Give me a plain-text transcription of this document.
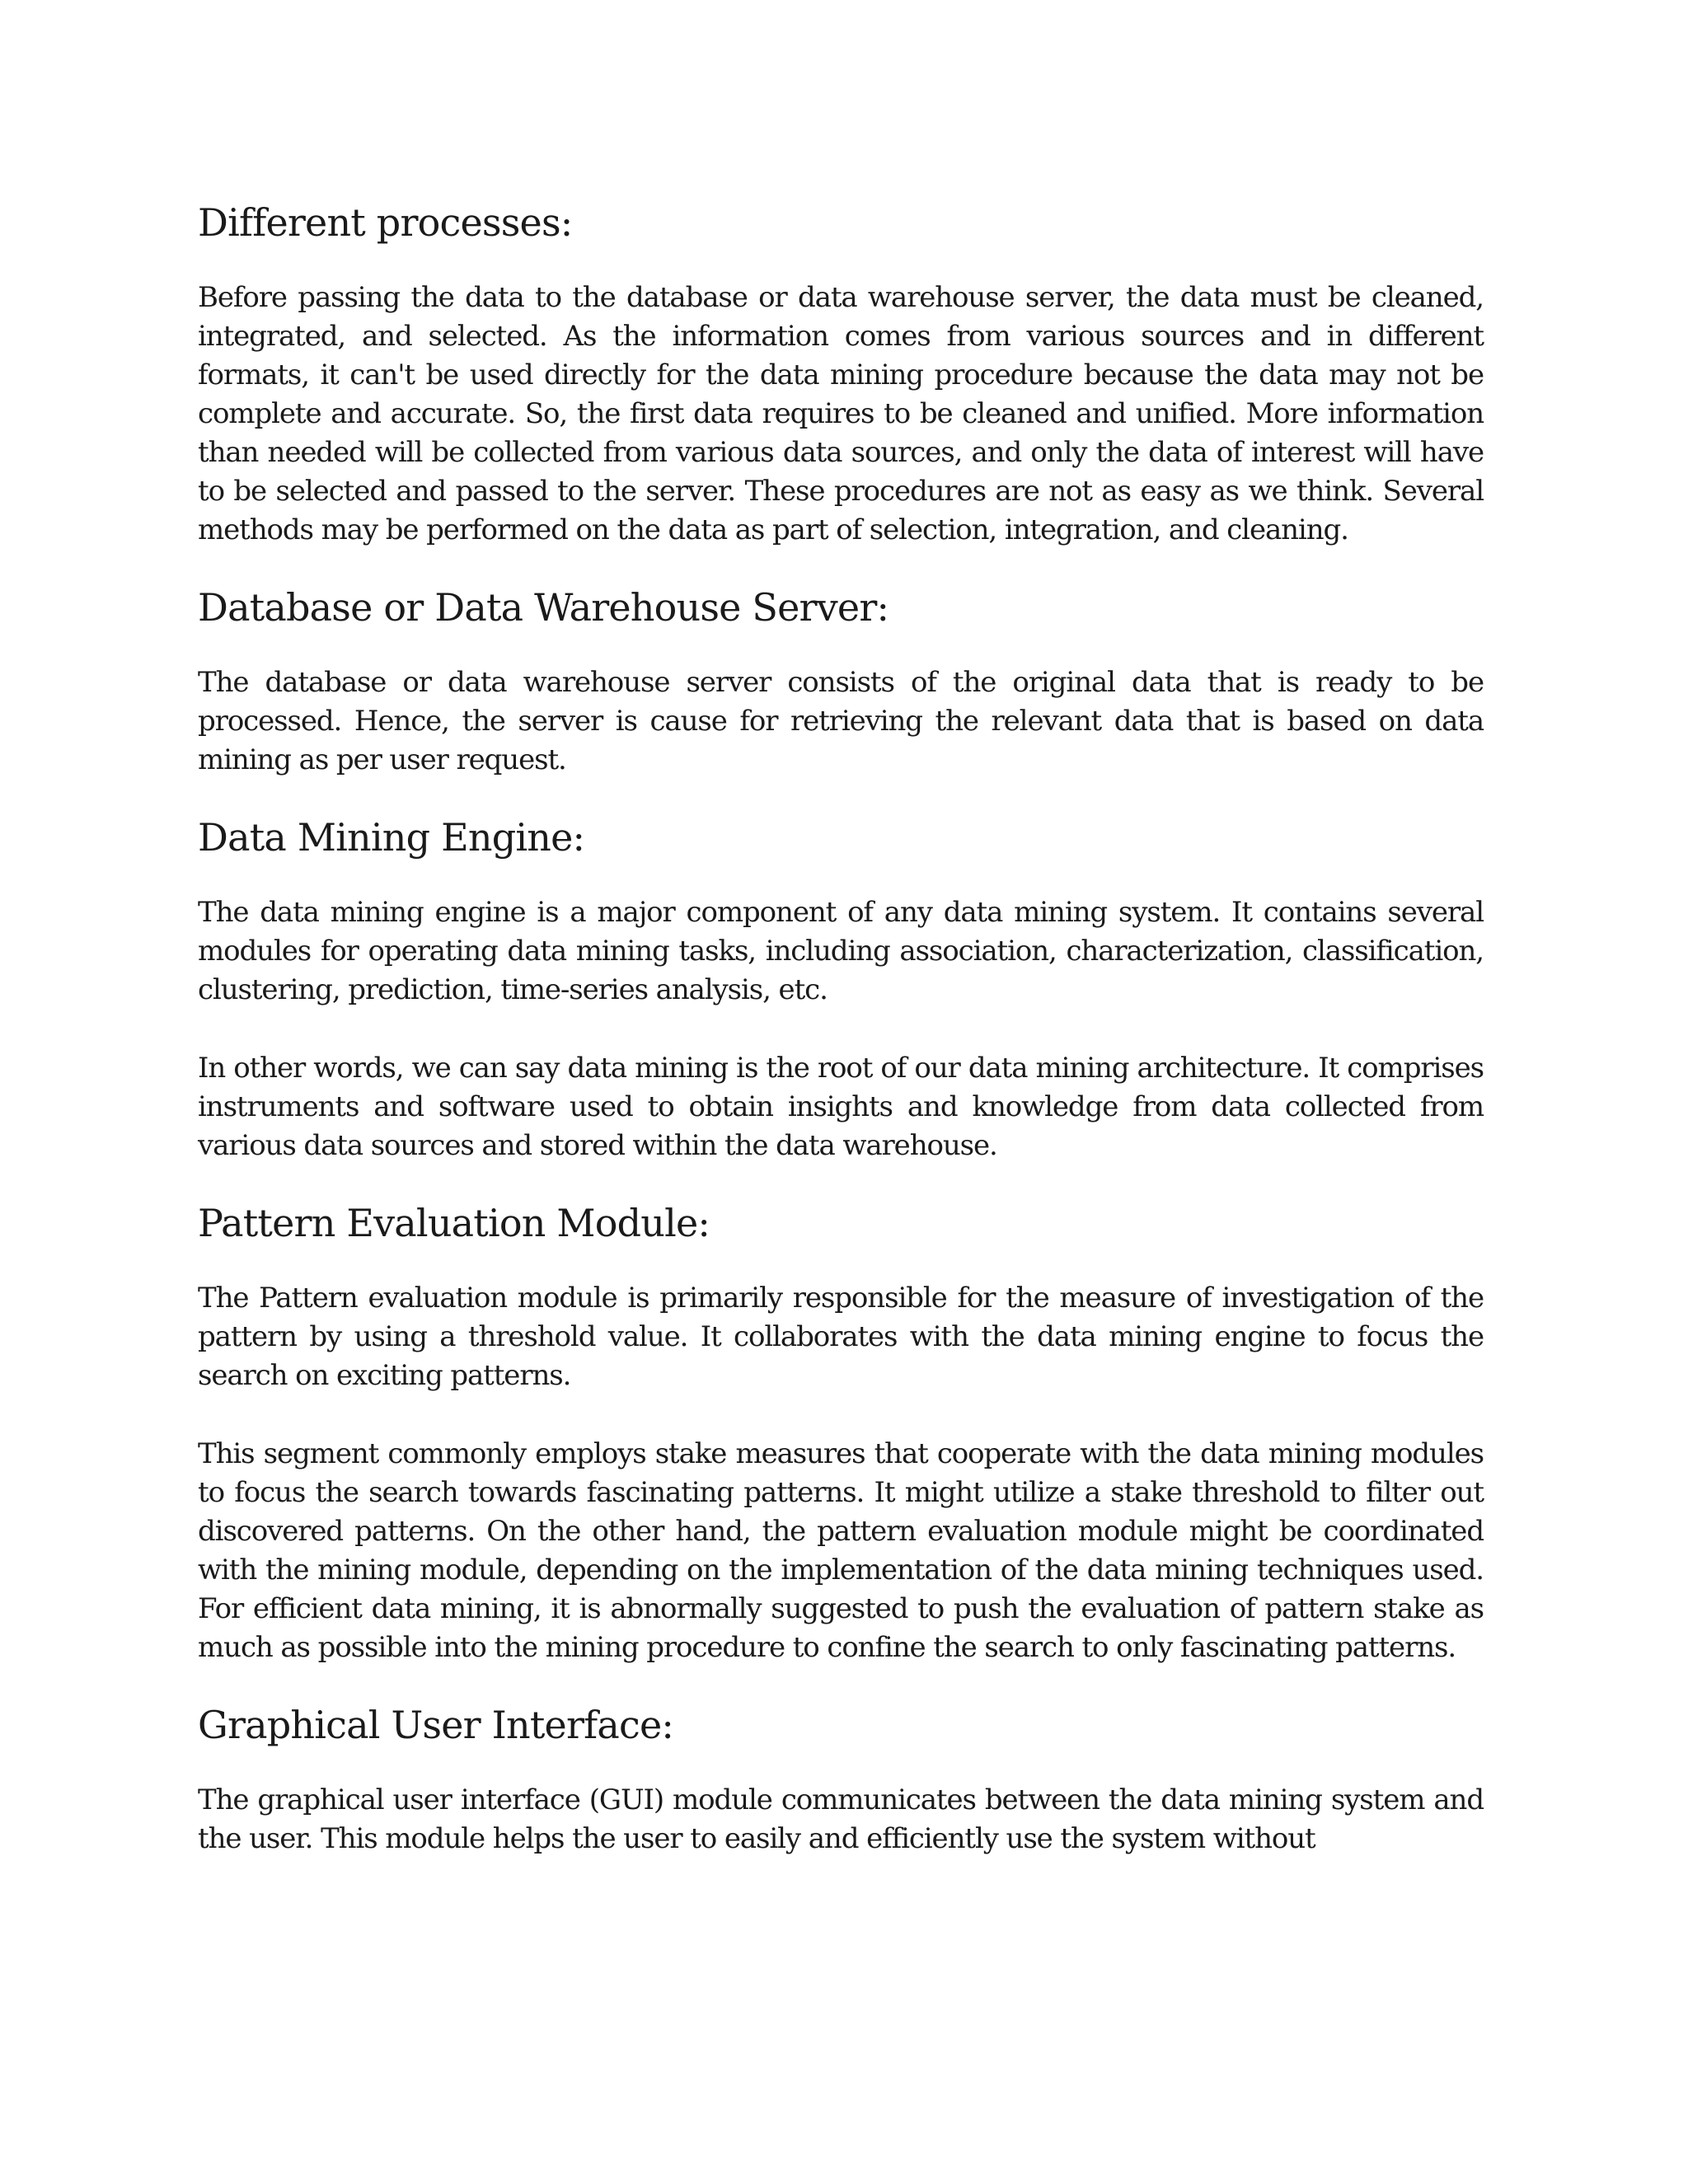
Different processes:

Before passing the data to the database or data warehouse server, the data must be cleaned, integrated, and selected. As the information comes from various sources and in different formats, it can't be used directly for the data mining procedure because the data may not be complete and accurate. So, the first data requires to be cleaned and unified. More information than needed will be collected from various data sources, and only the data of interest will have to be selected and passed to the server. These procedures are not as easy as we think. Several methods may be performed on the data as part of selection, integration, and cleaning.

Database or Data Warehouse Server:

The database or data warehouse server consists of the original data that is ready to be processed. Hence, the server is cause for retrieving the relevant data that is based on data mining as per user request.

Data Mining Engine:

The data mining engine is a major component of any data mining system. It contains several modules for operating data mining tasks, including association, characterization, classification, clustering, prediction, time-series analysis, etc.

In other words, we can say data mining is the root of our data mining architecture. It comprises instruments and software used to obtain insights and knowledge from data collected from various data sources and stored within the data warehouse.

Pattern Evaluation Module:

The Pattern evaluation module is primarily responsible for the measure of investigation of the pattern by using a threshold value. It collaborates with the data mining engine to focus the search on exciting patterns.

This segment commonly employs stake measures that cooperate with the data mining modules to focus the search towards fascinating patterns. It might utilize a stake threshold to filter out discovered patterns. On the other hand, the pattern evaluation module might be coordinated with the mining module, depending on the implementation of the data mining techniques used. For efficient data mining, it is abnormally suggested to push the evaluation of pattern stake as much as possible into the mining procedure to confine the search to only fascinating patterns.

Graphical User Interface:

The graphical user interface (GUI) module communicates between the data mining system and the user. This module helps the user to easily and efficiently use the system without
